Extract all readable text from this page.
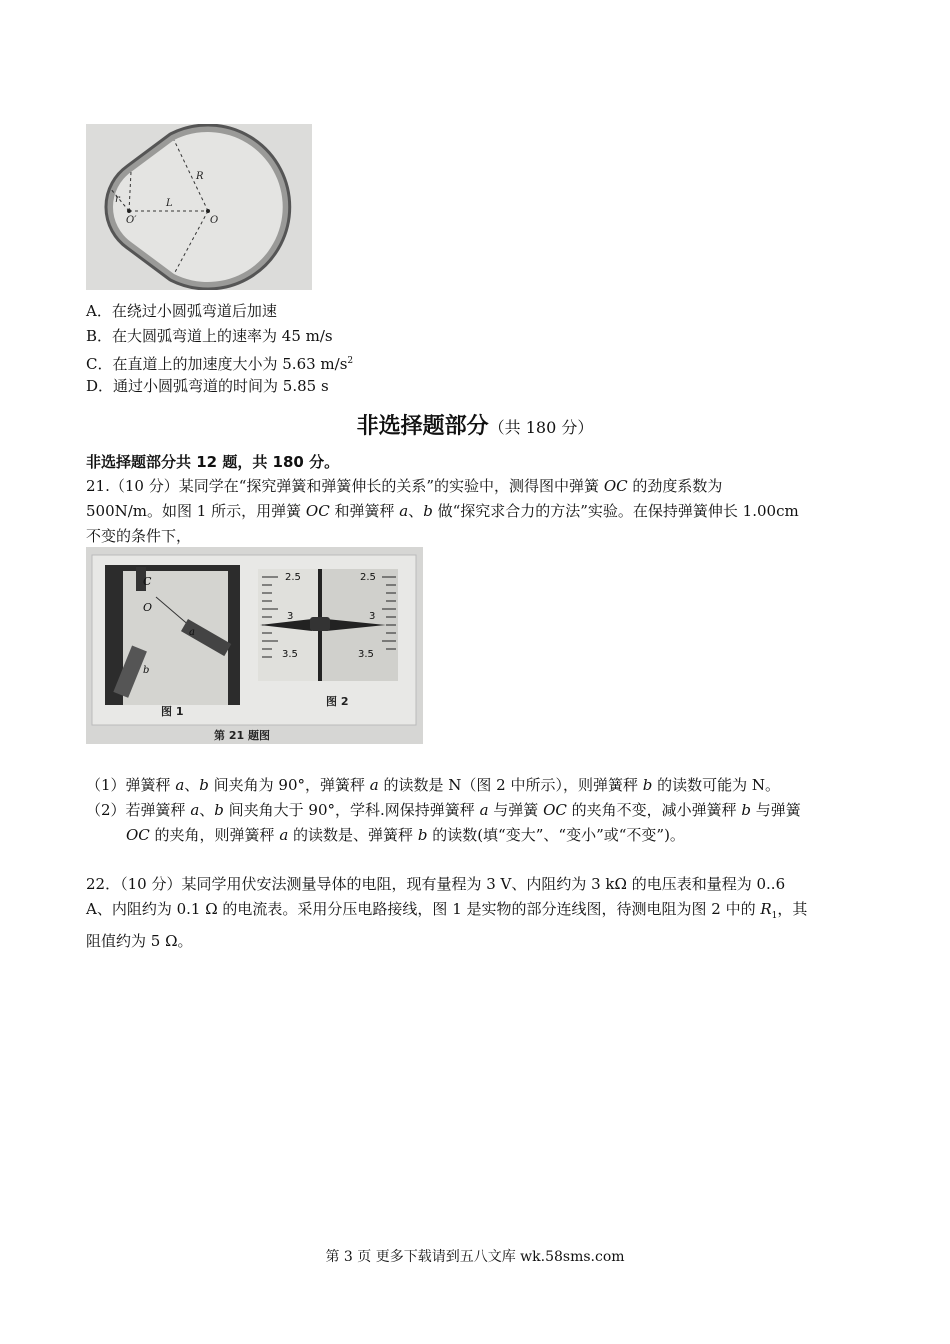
R
r	L
O
O′
A．在绕过小圆弧弯道后加速
B．在大圆弧弯道上的速率为 45 m/s
C．在直道上的加速度大小为 5.63 $m/s^2$
D．通过小圆弧弯道的时间为 5.85 s
非选择题部分（共 180 分）
非选择题部分共 12 题，共 180 分。
21.（10 分）某同学在“探究弹簧和弹簧伸长的关系”的实验中，测得图中弹簧 OC 的劲度系数为
500N/m。如图 1 所示，用弹簧 OC 和弹簧秤 a、b 做“探究求合力的方法”实验。在保持弹簧伸长 1.00cm
不变的条件下，
C
O
a
b
图 1
2.5
3
3.5
2.5
3
3.5
图 2
第 21 题图
（1）弹簧秤 a、b 间夹角为 90°，弹簧秤 a 的读数是 N（图 2 中所示），则弹簧秤 b 的读数可能为 N。
（2）若弹簧秤 a、b 间夹角大于 90°，学科.网保持弹簧秤 a 与弹簧 OC 的夹角不变，减小弹簧秤 b 与弹簧
OC 的夹角，则弹簧秤 a 的读数是、弹簧秤 b 的读数(填“变大”、“变小”或“不变”)。
22．（10 分）某同学用伏安法测量导体的电阻，现有量程为 3 V、内阻约为 3 kΩ 的电压表和量程为 0..6
A、内阻约为 0.1 Ω 的电流表。采用分压电路接线，图 1 是实物的部分连线图，待测电阻为图 2 中的 $R_1$，其
阻值约为 5 Ω。
第 3 页 更多下载请到五八文库 wk.58sms.com
